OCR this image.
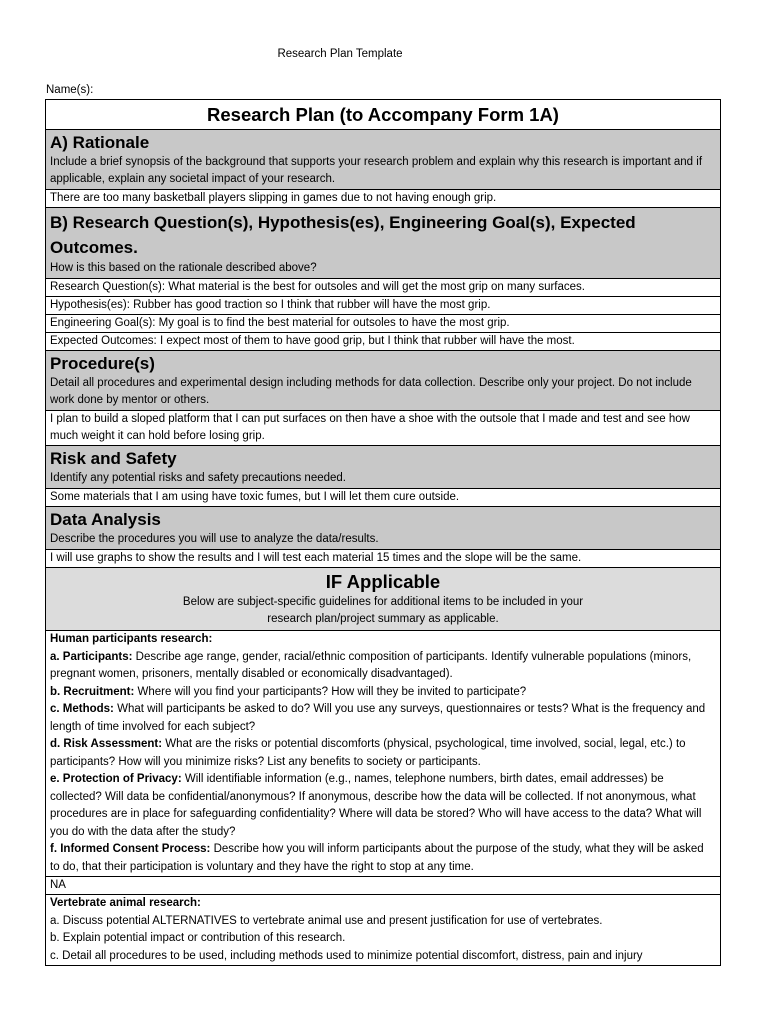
Research Plan Template
Name(s):
Research Plan (to Accompany Form 1A)
A) Rationale
Include a brief synopsis of the background that supports your research problem and explain why this research is important and if applicable, explain any societal impact of your research.
There are too many basketball players slipping in games due to not having enough grip.
B) Research Question(s), Hypothesis(es), Engineering Goal(s), Expected Outcomes.
How is this based on the rationale described above?
Research Question(s): What material is the best for outsoles and will get the most grip on many surfaces.
Hypothesis(es): Rubber has good traction so I think that rubber will have the most grip.
Engineering Goal(s): My goal is to find the best material for outsoles to have the most grip.
Expected Outcomes: I expect most of them to have good grip, but I think that rubber will have the most.
Procedure(s)
Detail all procedures and experimental design including methods for data collection. Describe only your project. Do not include work done by mentor or others.
I plan to build a sloped platform that I can put surfaces on then have a shoe with the outsole that I made and test and see how much weight it can hold before losing grip.
Risk and Safety
Identify any potential risks and safety precautions needed.
Some materials that I am using have toxic fumes, but I will let them cure outside.
Data Analysis
Describe the procedures you will use to analyze the data/results.
I will use graphs to show the results and I will test each material 15 times and the slope will be the same.
IF Applicable
Below are subject-specific guidelines for additional items to be included in your
research plan/project summary as applicable.
Human participants research:
a. Participants: Describe age range, gender, racial/ethnic composition of participants. Identify vulnerable populations (minors, pregnant women, prisoners, mentally disabled or economically disadvantaged).
b. Recruitment: Where will you find your participants? How will they be invited to participate?
c. Methods: What will participants be asked to do? Will you use any surveys, questionnaires or tests? What is the frequency and length of time involved for each subject?
d. Risk Assessment: What are the risks or potential discomforts (physical, psychological, time involved, social, legal, etc.) to participants? How will you minimize risks? List any benefits to society or participants.
e. Protection of Privacy: Will identifiable information (e.g., names, telephone numbers, birth dates, email addresses) be collected? Will data be confidential/anonymous? If anonymous, describe how the data will be collected. If not anonymous, what procedures are in place for safeguarding confidentiality? Where will data be stored? Who will have access to the data? What will you do with the data after the study?
f. Informed Consent Process: Describe how you will inform participants about the purpose of the study, what they will be asked to do, that their participation is voluntary and they have the right to stop at any time.
NA
Vertebrate animal research:
a. Discuss potential ALTERNATIVES to vertebrate animal use and present justification for use of vertebrates.
b. Explain potential impact or contribution of this research.
c. Detail all procedures to be used, including methods used to minimize potential discomfort, distress, pain and injury
